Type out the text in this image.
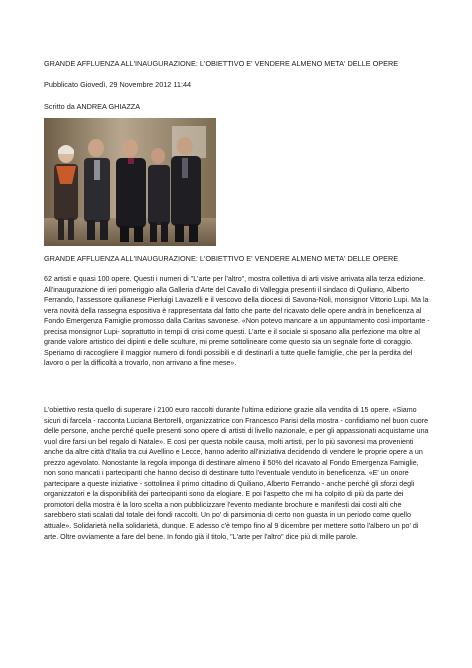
GRANDE AFFLUENZA ALL'INAUGURAZIONE: L'OBIETTIVO E' VENDERE ALMENO META' DELLE OPERE

Pubblicato Giovedì, 29 Novembre 2012 11:44

Scritto da ANDREA GHIAZZA

GRANDE AFFLUENZA ALL'INAUGURAZIONE: L'OBIETTIVO E' VENDERE ALMENO META' DELLE OPERE

62 artisti e quasi 100 opere. Questi i numeri di "L'arte per l'altro", mostra collettiva di arti visive arrivata alla terza edizione. All'inaugurazione di ieri pomeriggio alla Galleria d'Arte del Cavallo di Valleggia presenti il sindaco di Quiliano, Alberto Ferrando, l'assessore quilianese Pierluigi Lavazelli e il vescovo della diocesi di Savona-Noli, monsignor Vittorio Lupi. Ma la vera novità della rassegna espositiva è rappresentata dal fatto che parte del ricavato delle opere andrà in beneficenza al Fondo Emergenza Famiglie promosso dalla Caritas savonese. «Non potevo mancare a un appuntamento così importante -precisa monsignor Lupi- soprattutto in tempi di crisi come questi. L'arte e il sociale si sposano alla perfezione ma oltre al grande valore artistico dei dipinti e delle sculture, mi preme sottolineare come questo sia un segnale forte di coraggio. Speriamo di raccogliere il maggior numero di fondi possibili e di destinarli a tutte quelle famiglie, che per la perdita del lavoro o per la difficoltà a trovarlo, non arrivano a fine mese».

L'obiettivo resta quello di superare i 2100 euro raccolti durante l'ultima edizione grazie alla vendita di 15 opere. «Siamo sicuri di farcela - racconta Luciana Bertorelli, organizzatrice con Francesco Parisi della mostra - confidiamo nel buon cuore delle persone, anche perché quelle presenti sono opere di artisti di livello nazionale, e per gli appassionati acquistarne una vuol dire farsi un bel regalo di Natale». E così per questa nobile causa, molti artisti, per lo più savonesi ma provenienti anche da altre città d'Italia tra cui Avellino e Lecce, hanno aderito all'iniziativa decidendo di vendere le proprie opere a un prezzo agevolato. Nonostante la regola imponga di destinare almeno il 50% del ricavato al Fondo Emergenza Famiglie, non sono mancati i partecipanti che hanno deciso di destinare tutto l'eventuale venduto in beneficenza. «E' un onore partecipare a queste iniziative - sottolinea il primo cittadino di Quiliano, Alberto Ferrando - anche perché gli sforzi degli organizzatori e la disponibilità dei partecipanti sono da elogiare. E poi l'aspetto che mi ha colpito di più da parte dei promotori della mostra è la loro scelta a non pubblicizzare l'evento mediante brochure e manifesti dai costi alti che sarebbero stati scalati dal totale dei fondi raccolti. Un po' di parsimonia di certo non guasta in un periodo come quello attuale». Solidarietà nella solidarietà, dunque. E adesso c'è tempo fino al 9 dicembre per mettere sotto l'albero un po' di arte. Oltre ovviamente a fare del bene. In fondo già il titolo, "L'arte per l'altro" dice più di mille parole.
